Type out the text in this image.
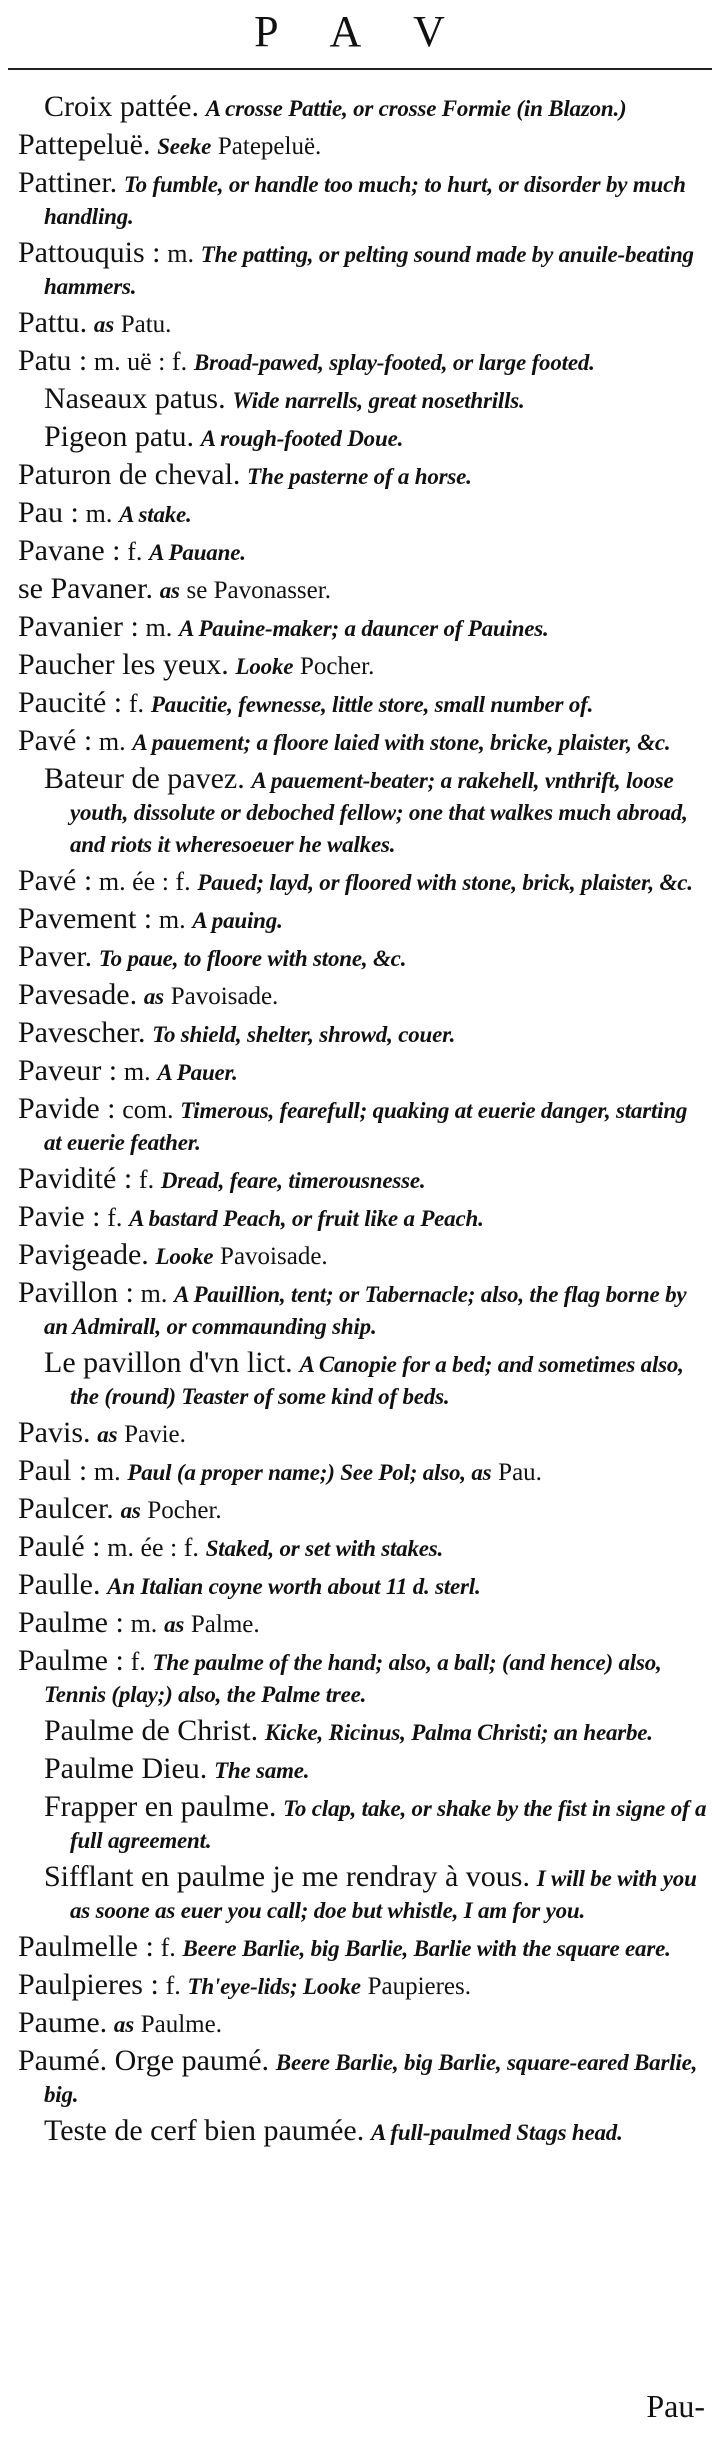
P A V
Croix pattée. A crosse Pattie, or crosse Formie (in Blazon.)
Pattepeluë. Seeke Patepeluë.
Pattiner. To fumble, or handle too much; to hurt, or disorder by much handling.
Pattouquis : m. The patting, or pelting sound made by anuile-beating hammers.
Pattu. as Patu.
Patu : m. uë : f. Broad-pawed, splay-footed, or large footed.
Naseaux patus. Wide narrells, great nosethrills.
Pigeon patu. A rough-footed Doue.
Paturon de cheval. The pasterne of a horse.
Pau : m. A stake.
Pavane : f. A Pauane.
se Pavaner. as se Pavonasser.
Pavanier : m. A Pauine-maker; a dauncer of Pauines.
Paucher les yeux. Looke Pocher.
Paucité : f. Paucitie, fewnesse, little store, small number of.
Pavé : m. A pauement; a floore laied with stone, bricke, plaister, &c.
Bateur de pavez. A pauement-beater; a rakehell, vnthrift, loose youth, dissolute or deboched fellow; one that walkes much abroad, and riots it wheresoeuer he walkes.
Pavé : m. ée : f. Paued; layd, or floored with stone, brick, plaister, &c.
Pavement : m. A pauing.
Paver. To paue, to floore with stone, &c.
Pavesade. as Pavoisade.
Pavescher. To shield, shelter, shrowd, couer.
Paveur : m. A Pauer.
Pavide : com. Timerous, fearefull; quaking at euerie danger, starting at euerie feather.
Pavidité : f. Dread, feare, timerousnesse.
Pavie : f. A bastard Peach, or fruit like a Peach.
Pavigeade. Looke Pavoisade.
Pavillon : m. A Pauillion, tent; or Tabernacle; also, the flag borne by an Admirall, or commaunding ship.
Le pavillon d'vn lict. A Canopie for a bed; and sometimes also, the (round) Teaster of some kind of beds.
Pavis. as Pavie.
Paul : m. Paul (a proper name;) See Pol; also, as Pau.
Paulcer. as Pocher.
Paulé : m. ée : f. Staked, or set with stakes.
Paulle. An Italian coyne worth about 11 d. sterl.
Paulme : m. as Palme.
Paulme : f. The paulme of the hand; also, a ball; (and hence) also, Tennis (play;) also, the Palme tree.
Paulme de Christ. Kicke, Ricinus, Palma Christi; an hearbe.
Paulme Dieu. The same.
Frapper en paulme. To clap, take, or shake by the fist in signe of a full agreement.
Sifflant en paulme je me rendray à vous. I will be with you as soone as euer you call; doe but whistle, I am for you.
Paulmelle : f. Beere Barlie, big Barlie, Barlie with the square eare.
Paulpieres : f. Th'eye-lids; Looke Paupieres.
Paume. as Paulme.
Paumé. Orge paumé. Beere Barlie, big Barlie, square-eared Barlie, big.
Teste de cerf bien paumée. A full-paulmed Stags head.
Pau-
